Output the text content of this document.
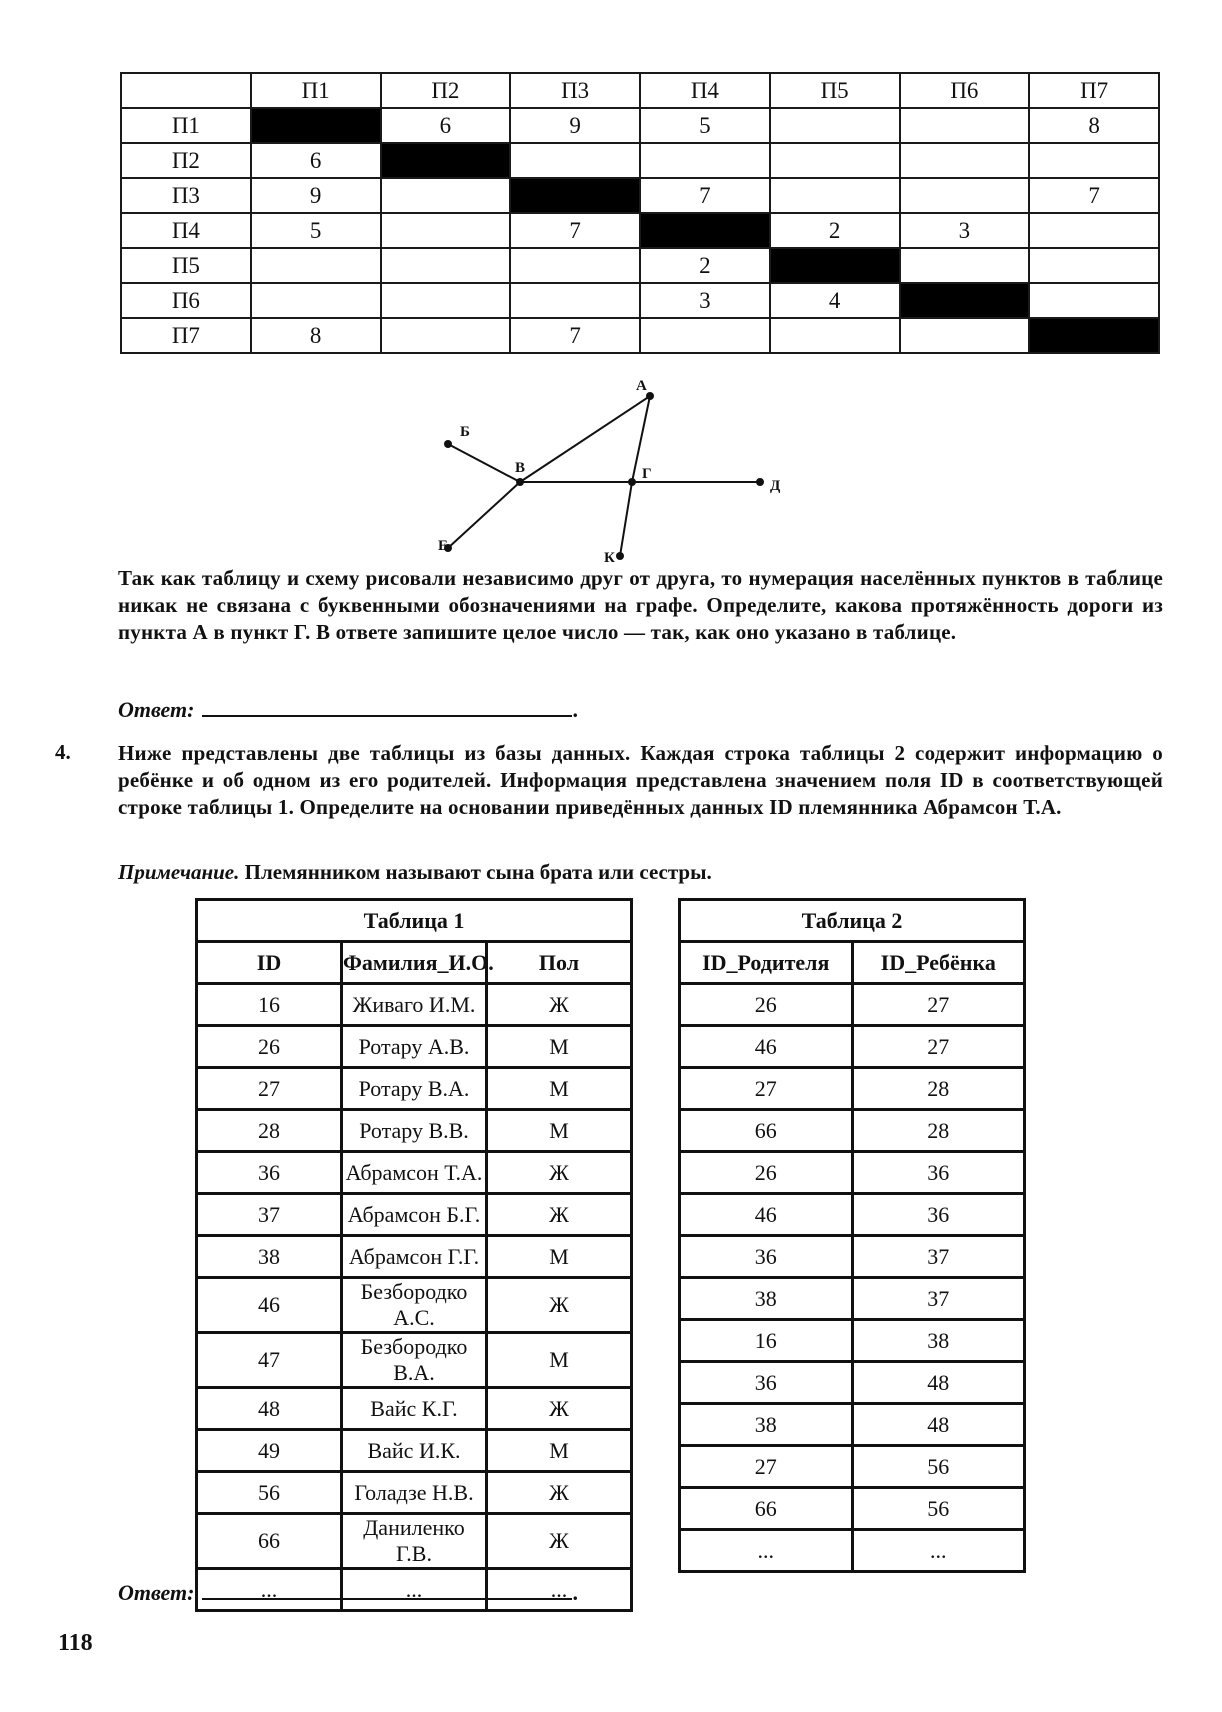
	П1	П2	П3	П4	П5	П6	П7
П1		6	9	5			8
П2	6						
П3	9			7			7
П4	5		7		2	3	
П5				2			
П6				3	4		
П7	8		7				
А
Б
В	Г
Д
Е
К
Так как таблицу и схему рисовали независимо друг от друга, то нумерация населённых пунктов в таблице никак не связана с буквенными обозначениями на графе. Определите, какова протяжённость дороги из пункта А в пункт Г. В ответе запишите целое число — так, как оно указано в таблице.
Ответ:	.
4. Ниже представлены две таблицы из базы данных. Каждая строка таблицы 2 содержит информацию о ребёнке и об одном из его родителей. Информация представлена значением поля ID в соответствующей строке таблицы 1. Определите на основании приведённых данных ID племянника Абрамсон Т.А.
Примечание. Племянником называют сына брата или сестры.
Таблица 1		
ID	Фамилия_И.О.	Пол
16	Живаго И.М.	Ж
26	Ротару А.В.	М
27	Ротару В.А.	М
28	Ротару В.В.	М
36	Абрамсон Т.А.	Ж
37	Абрамсон Б.Г.	Ж
38	Абрамсон Г.Г.	М
46	Безбородко А.С.	Ж
47	Безбородко В.А.	М
48	Вайс К.Г.	Ж
49	Вайс И.К.	М
56	Голадзе Н.В.	Ж
66	Даниленко Г.В.	Ж
...	...	...
Таблица 2	
ID_Родителя	ID_Ребёнка
26	27
46	27
27	28
66	28
26	36
46	36
36	37
38	37
16	38
36	48
38	48
27	56
66	56
...	...
Ответ:	.
118
